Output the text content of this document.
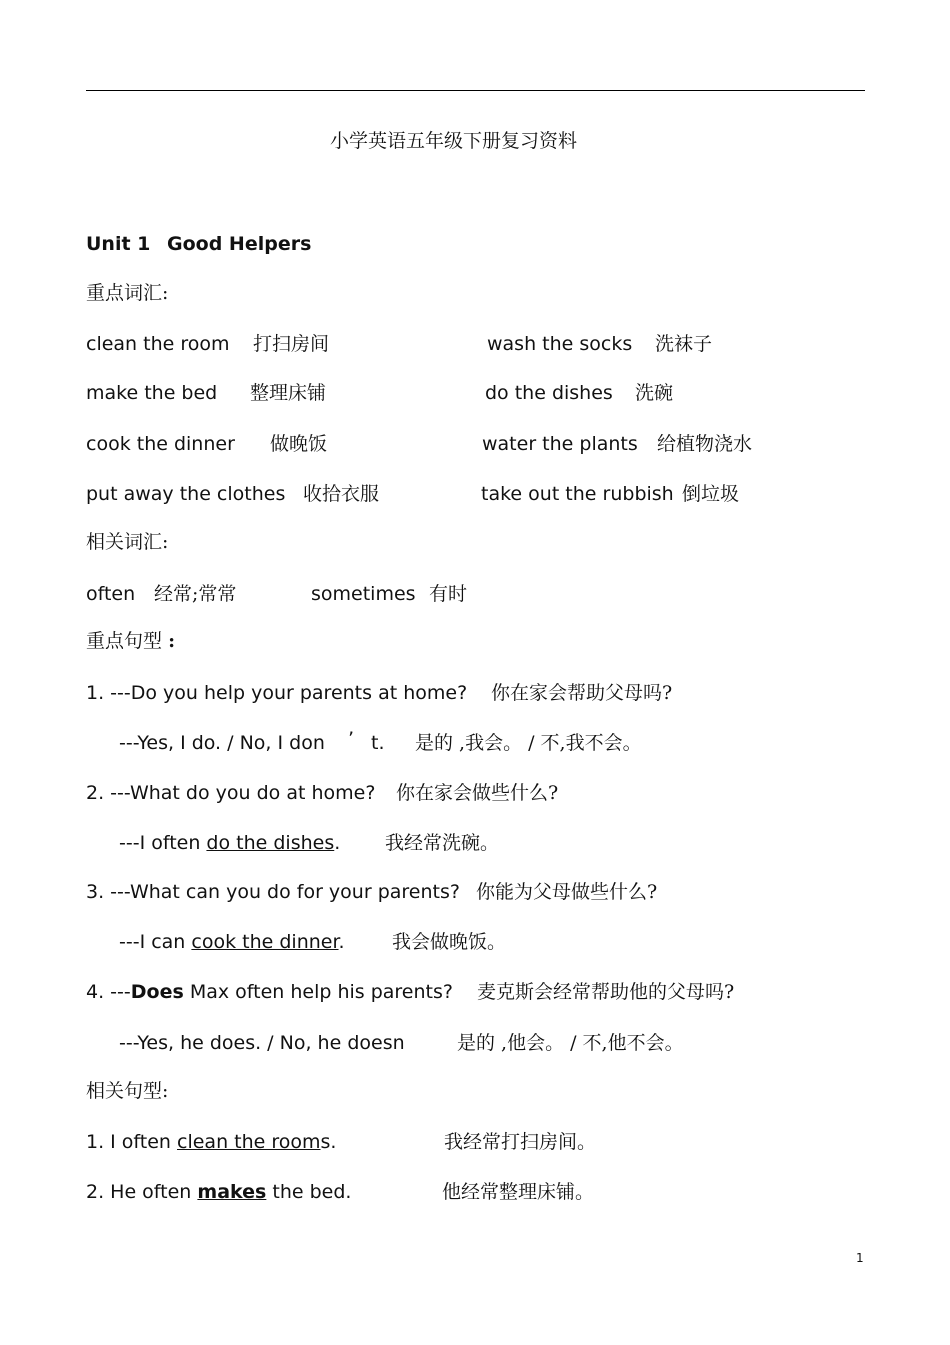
小学英语五年级下册复习资料
Unit 1 Good Helpers
重点词汇:
clean the room 打扫房间	wash the socks 洗袜子
make the bed 整理床铺	do the dishes 洗碗
cook the dinner 做晚饭	water the plants 给植物浇水
put away the clothes 收拾衣服	take out the rubbish 倒垃圾
相关词汇:
often 经常;常常	sometimes 有时
重点句型 :
1. ---Do you help your parents at home? 你在家会帮助父母吗?
---Yes, I do. / No, I don ’ t. 是的 ,我会。 / 不,我不会。
2. ---What do you do at home? 你在家会做些什么?
---I often do the dishes. 我经常洗碗。
3. ---What can you do for your parents? 你能为父母做些什么?
---I can cook the dinner. 我会做晚饭。
4. ---Does Max often help his parents? 麦克斯会经常帮助他的父母吗?
---Yes, he does. / No, he doesn	是的 ,他会。 / 不,他不会。
相关句型:
1. I often clean the rooms.	我经常打扫房间。
2. He often makes the bed.	他经常整理床铺。
1
